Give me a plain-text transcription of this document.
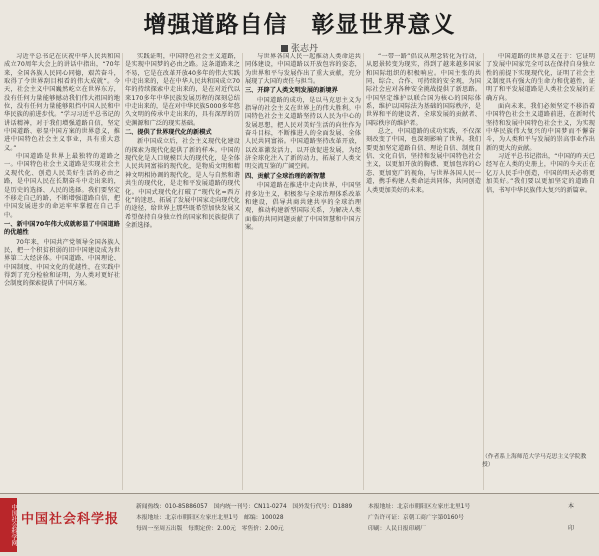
增强道路自信　彰显世界意义
张志丹

习近平总书记在庆祝中华人民共和国成立70周年大会上的讲话中指出，“70年来，全国各族人民同心同德，艰苦奋斗，取得了令世界刮目相看的伟大成就”。今天，社会主义中国巍然屹立在世界东方，没有任何力量能够撼动我们伟大祖国的地位，没有任何力量能够阻挡中国人民和中华民族的前进步伐。“学习习近平总书记的讲话精神，对于我们增强道路自信，坚定中国道路、彰显中国方案的世界意义，推进中国特色社会主义事业，具有重大意义。”

中国道路是世界上最独特的道路之一。中国特色社会主义道路是实现社会主义现代化、创造人民美好生活的必由之路，是中国人民在长期奋斗中走出来的，是历史的选择、人民的选择。我们要坚定不移走自己的路，不断增强道路自信，把中国发展进步的命运牢牢掌握在自己手中。

一、新中国70年伟大成就彰显了中国道路的优越性

70年来，中国共产党领导全国各族人民，把一个积贫积弱的旧中国建设成为世界第二大经济体。中国道路、中国理论、中国制度、中国文化的优越性，在实践中得到了充分检验和证明，为人类对更好社会制度的探索提供了中国方案。

实践证明，中国特色社会主义道路，是实现中国梦的必由之路。这条道路来之不易，它是在改革开放40多年的伟大实践中走出来的，是在中华人民共和国成立70年的持续探索中走出来的，是在对近代以来170多年中华民族发展历程的深刻总结中走出来的，是在对中华民族5000多年悠久文明的传承中走出来的，具有深厚的历史渊源和广泛的现实基础。

二、提供了世界现代化的新模式

新中国成立后，社会主义现代化建设的探索为现代化提供了新的样本。中国的现代化是人口规模巨大的现代化，是全体人民共同富裕的现代化，是物质文明和精神文明相协调的现代化，是人与自然和谐共生的现代化，是走和平发展道路的现代化。中国式现代化打破了“现代化=西方化”的迷思，拓展了发展中国家走向现代化的途径，给世界上那些既希望加快发展又希望保持自身独立性的国家和民族提供了全新选择。

与世界各国人民一起推动人类命运共同体建设，中国道路以开放包容的姿态，为世界和平与发展作出了重大贡献，充分展现了大国的责任与担当。

三、开辟了人类文明发展的新境界

中国道路的成功，是以马克思主义为指导的社会主义在世界上的伟大胜利。中国特色社会主义道路坚持以人民为中心的发展思想，把人民对美好生活的向往作为奋斗目标，不断推进人的全面发展、全体人民共同富裕。中国道路坚持改革开放，以改革激发活力，以开放促进发展，为经济全球化注入了新的动力，拓展了人类文明交流互鉴的广阔空间。

四、贡献了全球治理的新智慧

中国道路在推进中走向世界，中国坚持多边主义，积极参与全球治理体系改革和建设，倡导共商共建共享的全球治理观，推动构建新型国际关系，为解决人类面临的共同问题贡献了中国智慧和中国方案。

“一带一路”倡议从理念转化为行动，从愿景转变为现实，得到了越来越多国家和国际组织的积极响应。中国主张的共同、综合、合作、可持续的安全观，为国际社会应对各种安全挑战提供了新思路。中国坚定维护以联合国为核心的国际体系，维护以国际法为基础的国际秩序，是世界和平的建设者、全球发展的贡献者、国际秩序的维护者。

总之，中国道路的成功实践，不仅深刻改变了中国，也深刻影响了世界。我们要更加坚定道路自信、理论自信、制度自信、文化自信，坚持和发展中国特色社会主义，以更加开放的胸襟、更加包容的心态、更加宽广的视角，与世界各国人民一道，携手构建人类命运共同体，共同创造人类更加美好的未来。

中国道路的世界意义在于：它证明了发展中国家完全可以在保持自身独立性的前提下实现现代化，证明了社会主义制度具有强大的生命力和优越性，证明了和平发展道路是人类社会发展的正确方向。

面向未来，我们必须坚定不移沿着中国特色社会主义道路前进，在新时代坚持和发展中国特色社会主义，为实现中华民族伟大复兴的中国梦而不懈奋斗，为人类和平与发展的崇高事业作出新的更大的贡献。

习近平总书记指出，“中国的昨天已经写在人类的史册上，中国的今天正在亿万人民手中创造，中国的明天必将更加美好。”我们要以更加坚定的道路自信，书写中华民族伟大复兴的新篇章。

（作者系上海师范大学马克思主义学院教授）
中国社会科学网 中国社会科学报
新闻热线：010-85886057　国内统一刊号：CN11-0274　国外发行代号：D1889
本报地址：北京市朝阳区左家庄北里1号　邮编：100028
每周一至周五出版　每期定价：2.00元　零售价：2.00元
本报地址：北京市朝阳区左家庄北里1号
广告许可证：京朝工商广字第0160号
印刷：人民日报印刷厂
本
印
